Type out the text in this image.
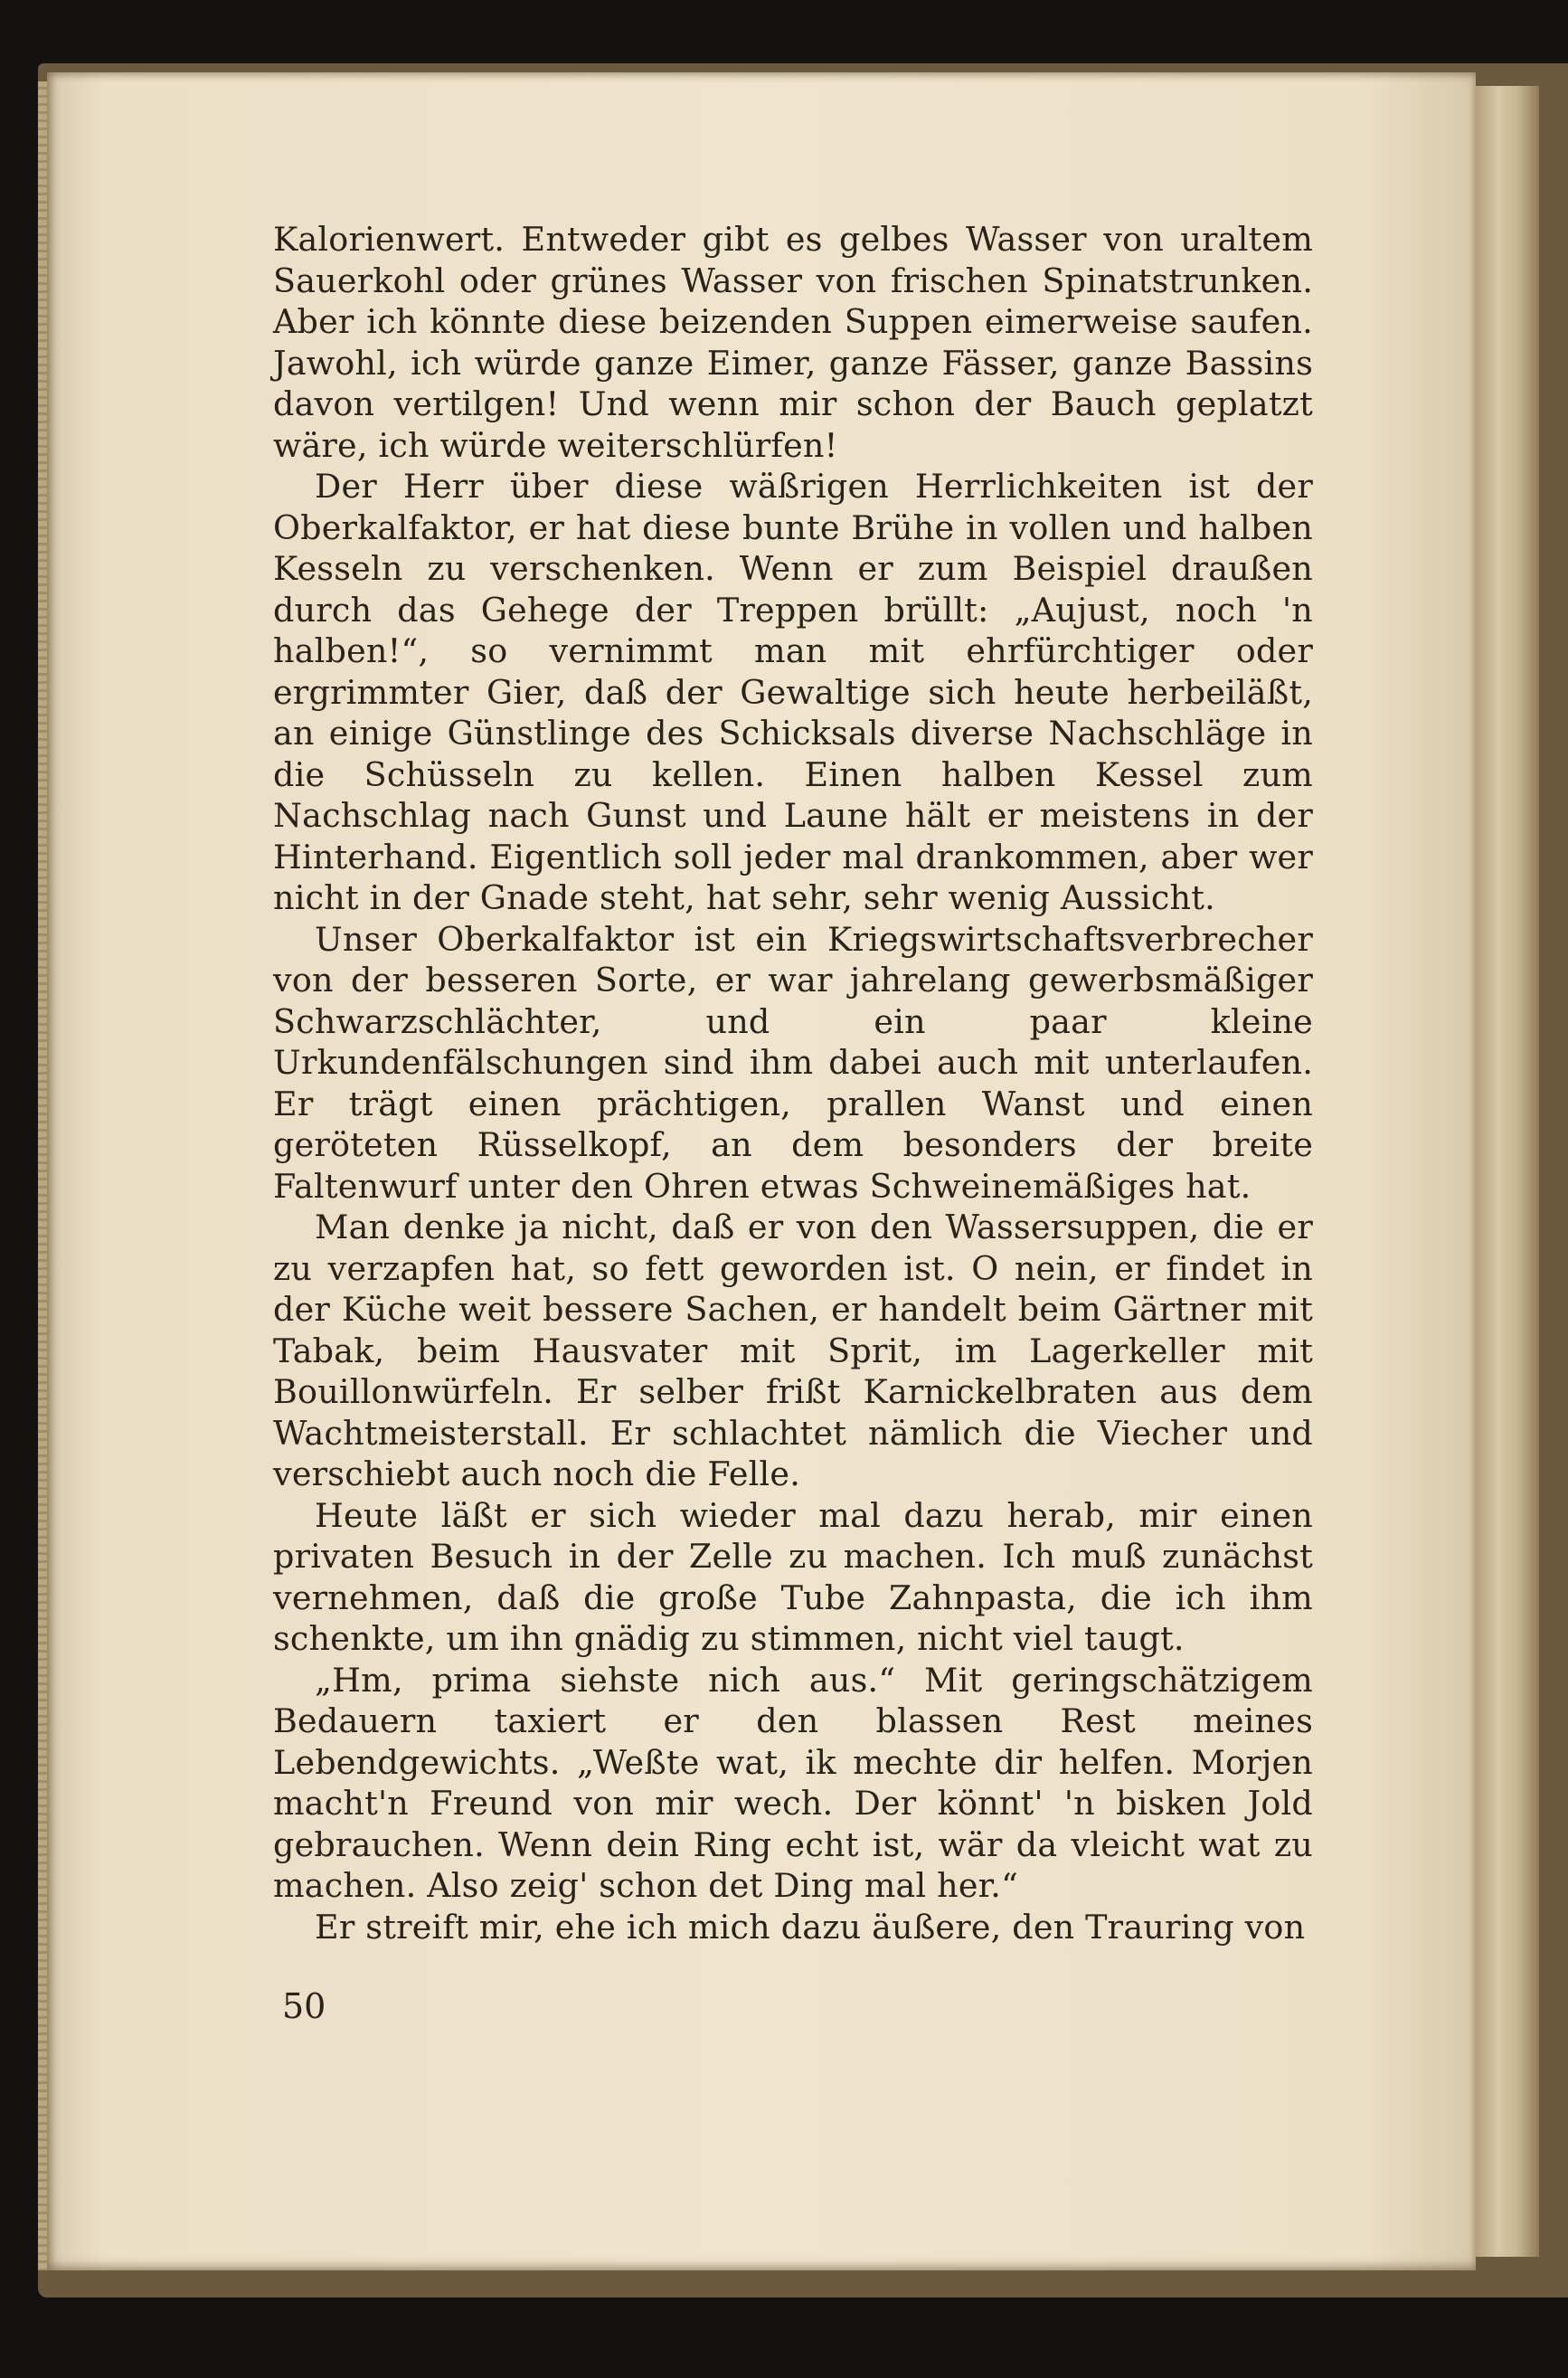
Kalorienwert. Entweder gibt es gelbes Wasser von uraltem Sauerkohl oder grünes Wasser von frischen Spinatstrunken. Aber ich könnte diese beizenden Suppen eimerweise saufen. Jawohl, ich würde ganze Eimer, ganze Fässer, ganze Bassins davon vertilgen! Und wenn mir schon der Bauch geplatzt wäre, ich würde weiterschlürfen!

Der Herr über diese wäßrigen Herrlichkeiten ist der Oberkalfaktor, er hat diese bunte Brühe in vollen und halben Kesseln zu verschenken. Wenn er zum Beispiel draußen durch das Gehege der Treppen brüllt: „Aujust, noch 'n halben!“, so vernimmt man mit ehrfürchtiger oder ergrimmter Gier, daß der Gewaltige sich heute herbeiläßt, an einige Günstlinge des Schicksals diverse Nachschläge in die Schüsseln zu kellen. Einen halben Kessel zum Nachschlag nach Gunst und Laune hält er meistens in der Hinterhand. Eigentlich soll jeder mal drankommen, aber wer nicht in der Gnade steht, hat sehr, sehr wenig Aussicht.

Unser Oberkalfaktor ist ein Kriegswirtschaftsverbrecher von der besseren Sorte, er war jahrelang gewerbsmäßiger Schwarzschlächter, und ein paar kleine Urkundenfälschungen sind ihm dabei auch mit unterlaufen. Er trägt einen prächtigen, prallen Wanst und einen geröteten Rüsselkopf, an dem besonders der breite Faltenwurf unter den Ohren etwas Schweinemäßiges hat.

Man denke ja nicht, daß er von den Wassersuppen, die er zu verzapfen hat, so fett geworden ist. O nein, er findet in der Küche weit bessere Sachen, er handelt beim Gärtner mit Tabak, beim Hausvater mit Sprit, im Lagerkeller mit Bouillonwürfeln. Er selber frißt Karnickelbraten aus dem Wachtmeisterstall. Er schlachtet nämlich die Viecher und verschiebt auch noch die Felle.

Heute läßt er sich wieder mal dazu herab, mir einen privaten Besuch in der Zelle zu machen. Ich muß zunächst vernehmen, daß die große Tube Zahnpasta, die ich ihm schenkte, um ihn gnädig zu stimmen, nicht viel taugt.

„Hm, prima siehste nich aus.“ Mit geringschätzigem Bedauern taxiert er den blassen Rest meines Lebendgewichts. „Weßte wat, ik mechte dir helfen. Morjen macht'n Freund von mir wech. Der könnt' 'n bisken Jold gebrauchen. Wenn dein Ring echt ist, wär da vleicht wat zu machen. Also zeig' schon det Ding mal her.“

Er streift mir, ehe ich mich dazu äußere, den Trauring von

50
